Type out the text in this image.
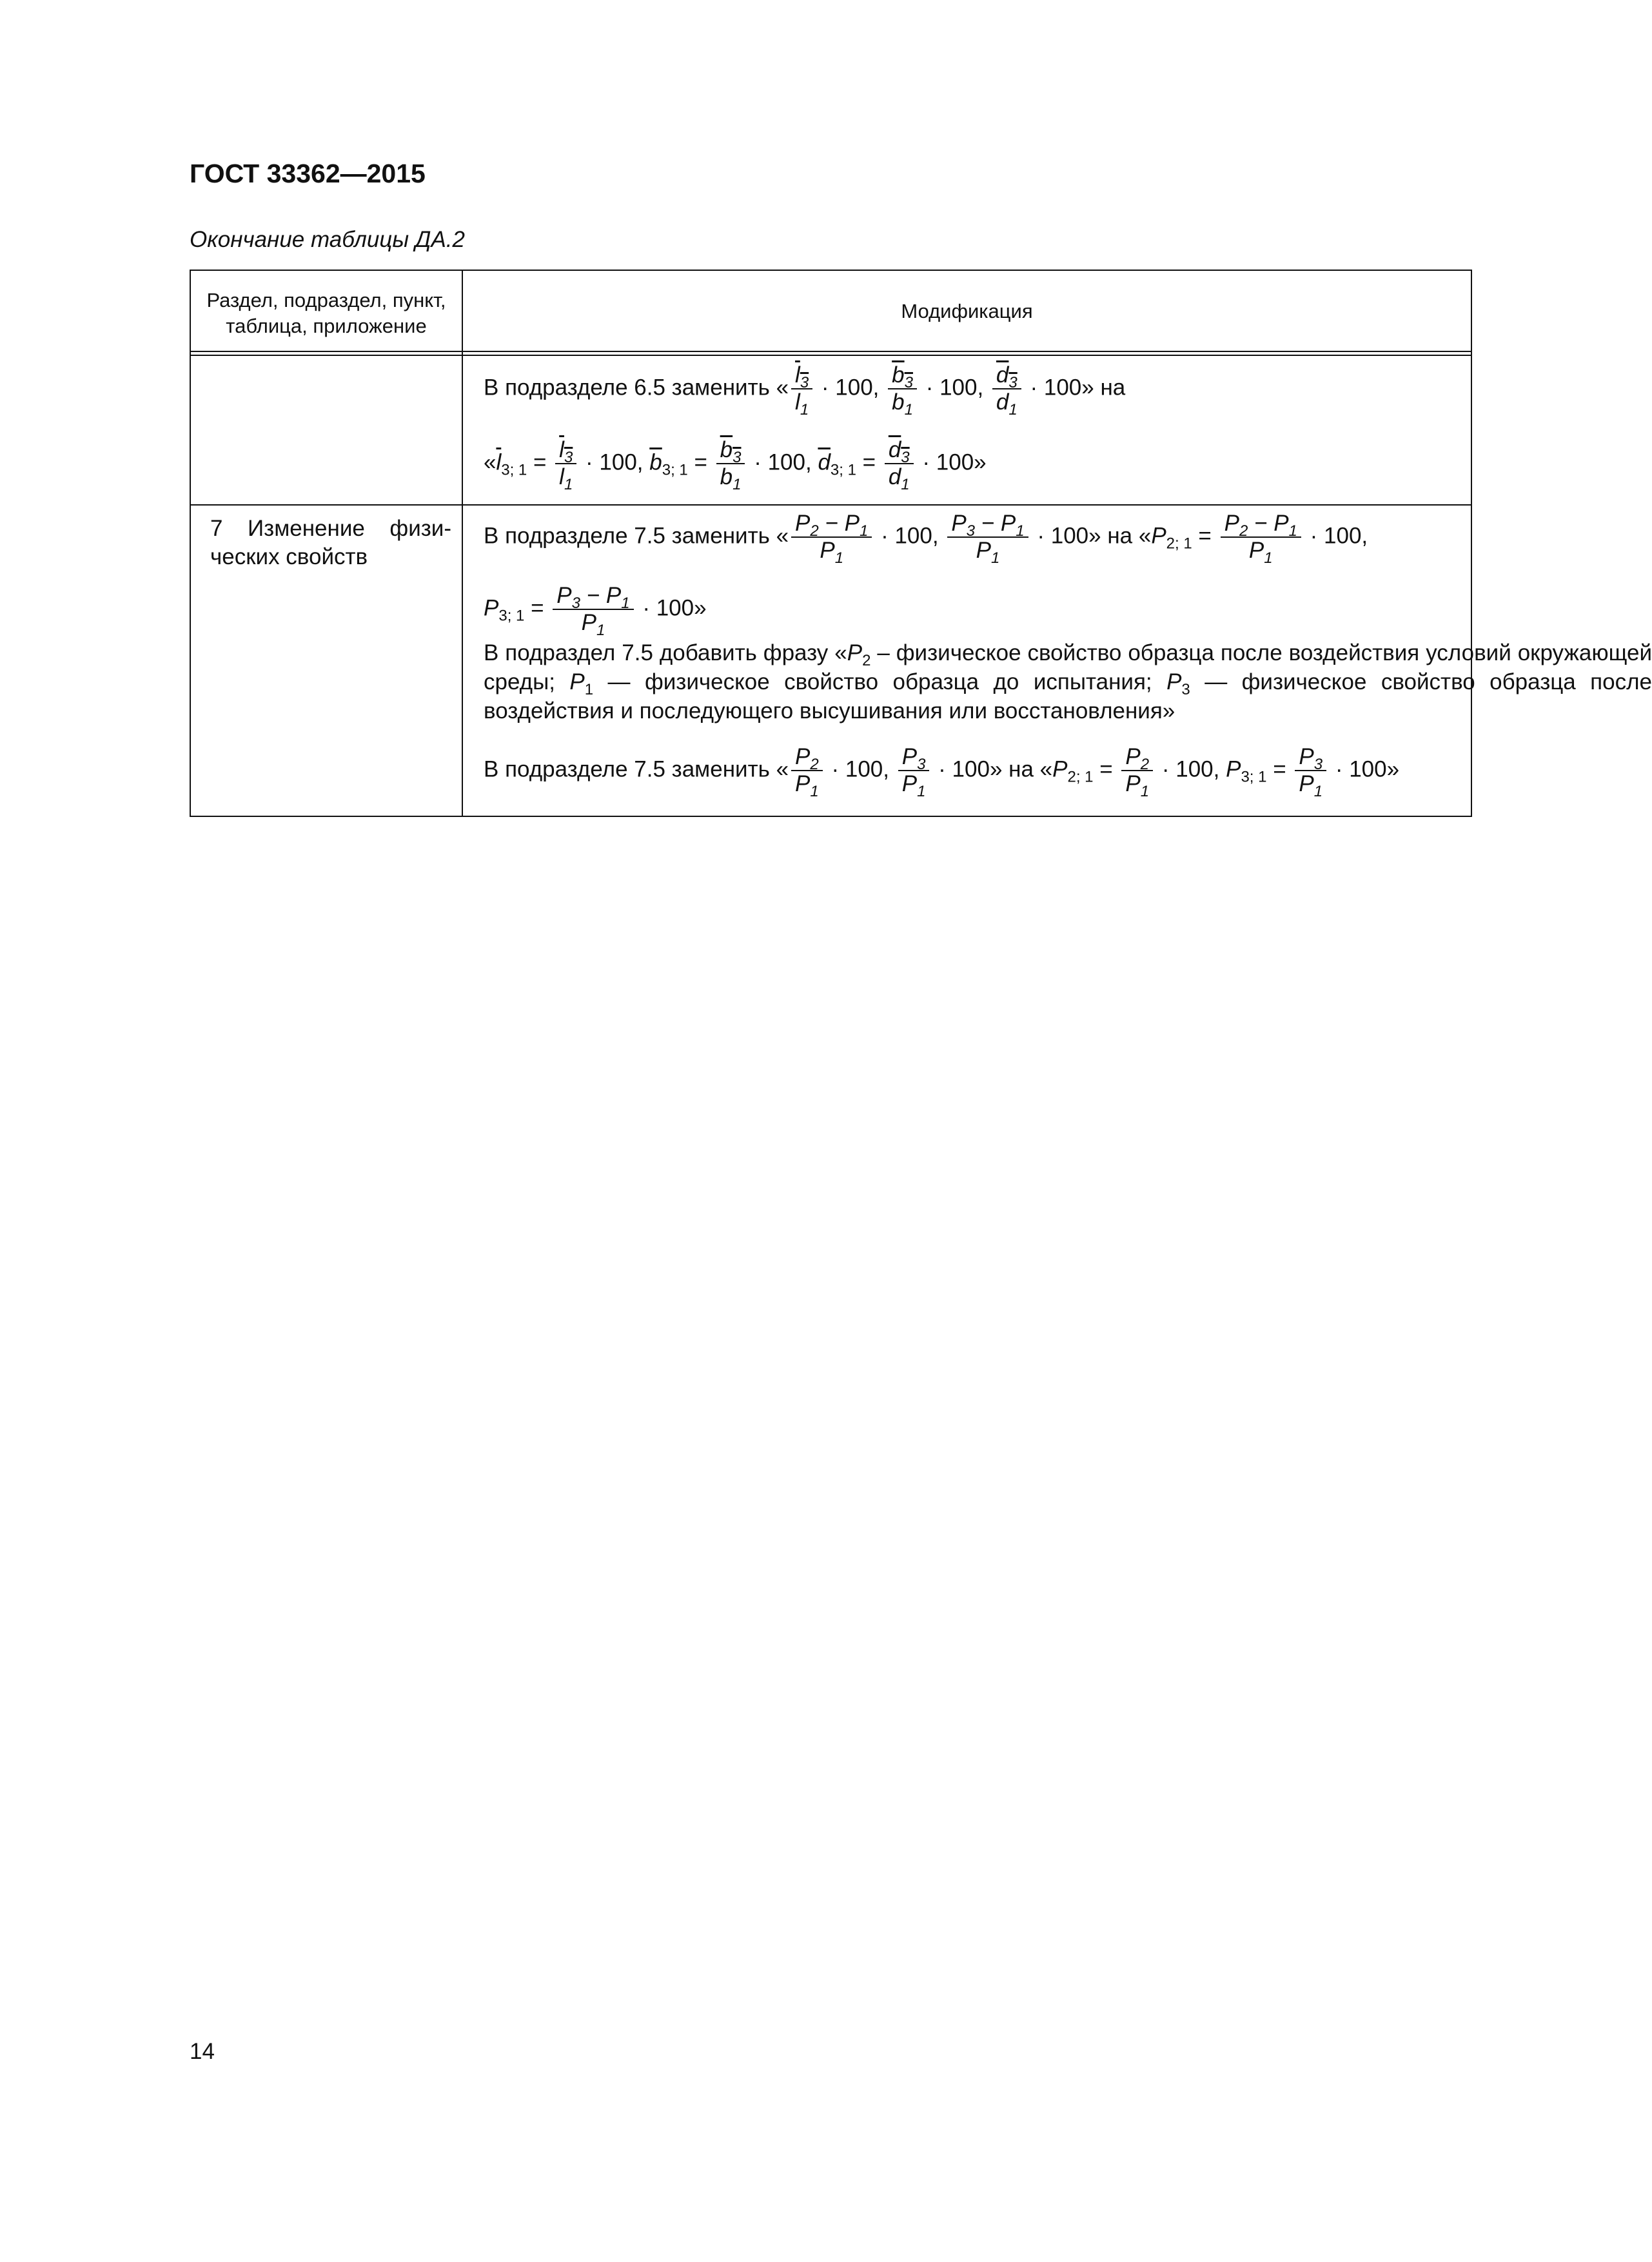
ГОСТ 33362—2015
Окончание таблицы ДА.2
Раздел, подраздел, пункт, таблица, приложение
Модификация
В подразделе 6.5 заменить « $\frac{l_3}{l_1} \cdot 100$, $\frac{b_3}{b_1} \cdot 100$, $\frac{d_3}{d_1} \cdot 100$» на
«$\overline{l}_{3; 1} = \frac{l_3}{l_1} \cdot 100$, $\overline{b}_{3; 1} = \frac{b_3}{b_1} \cdot 100$, $\overline{d}_{3; 1} = \frac{d_3}{d_1} \cdot 100$»
7 Изменение физи-
ческих свойств
В подразделе 7.5 заменить « $\frac{P_2 - P_1}{P_1} \cdot 100$, $\frac{P_3 - P_1}{P_1} \cdot 100$» на «$P_{2; 1} = \frac{P_2 - P_1}{P_1} \cdot 100$,
$P_{3; 1} = \frac{P_3 - P_1}{P_1} \cdot 100$»
В подраздел 7.5 добавить фразу «$P_2$ – физическое свойство образца после воздействия условий окружающей среды; $P_1$ — физическое свойство образца до испытания; $P_3$ — физическое свойство образца после воздействия и последующего высушивания или восстановления»
В подразделе 7.5 заменить « $\frac{P_2}{P_1} \cdot 100$, $\frac{P_3}{P_1} \cdot 100$» на «$P_{2; 1} = \frac{P_2}{P_1} \cdot 100$, $P_{3; 1} = \frac{P_3}{P_1} \cdot 100$»
14
